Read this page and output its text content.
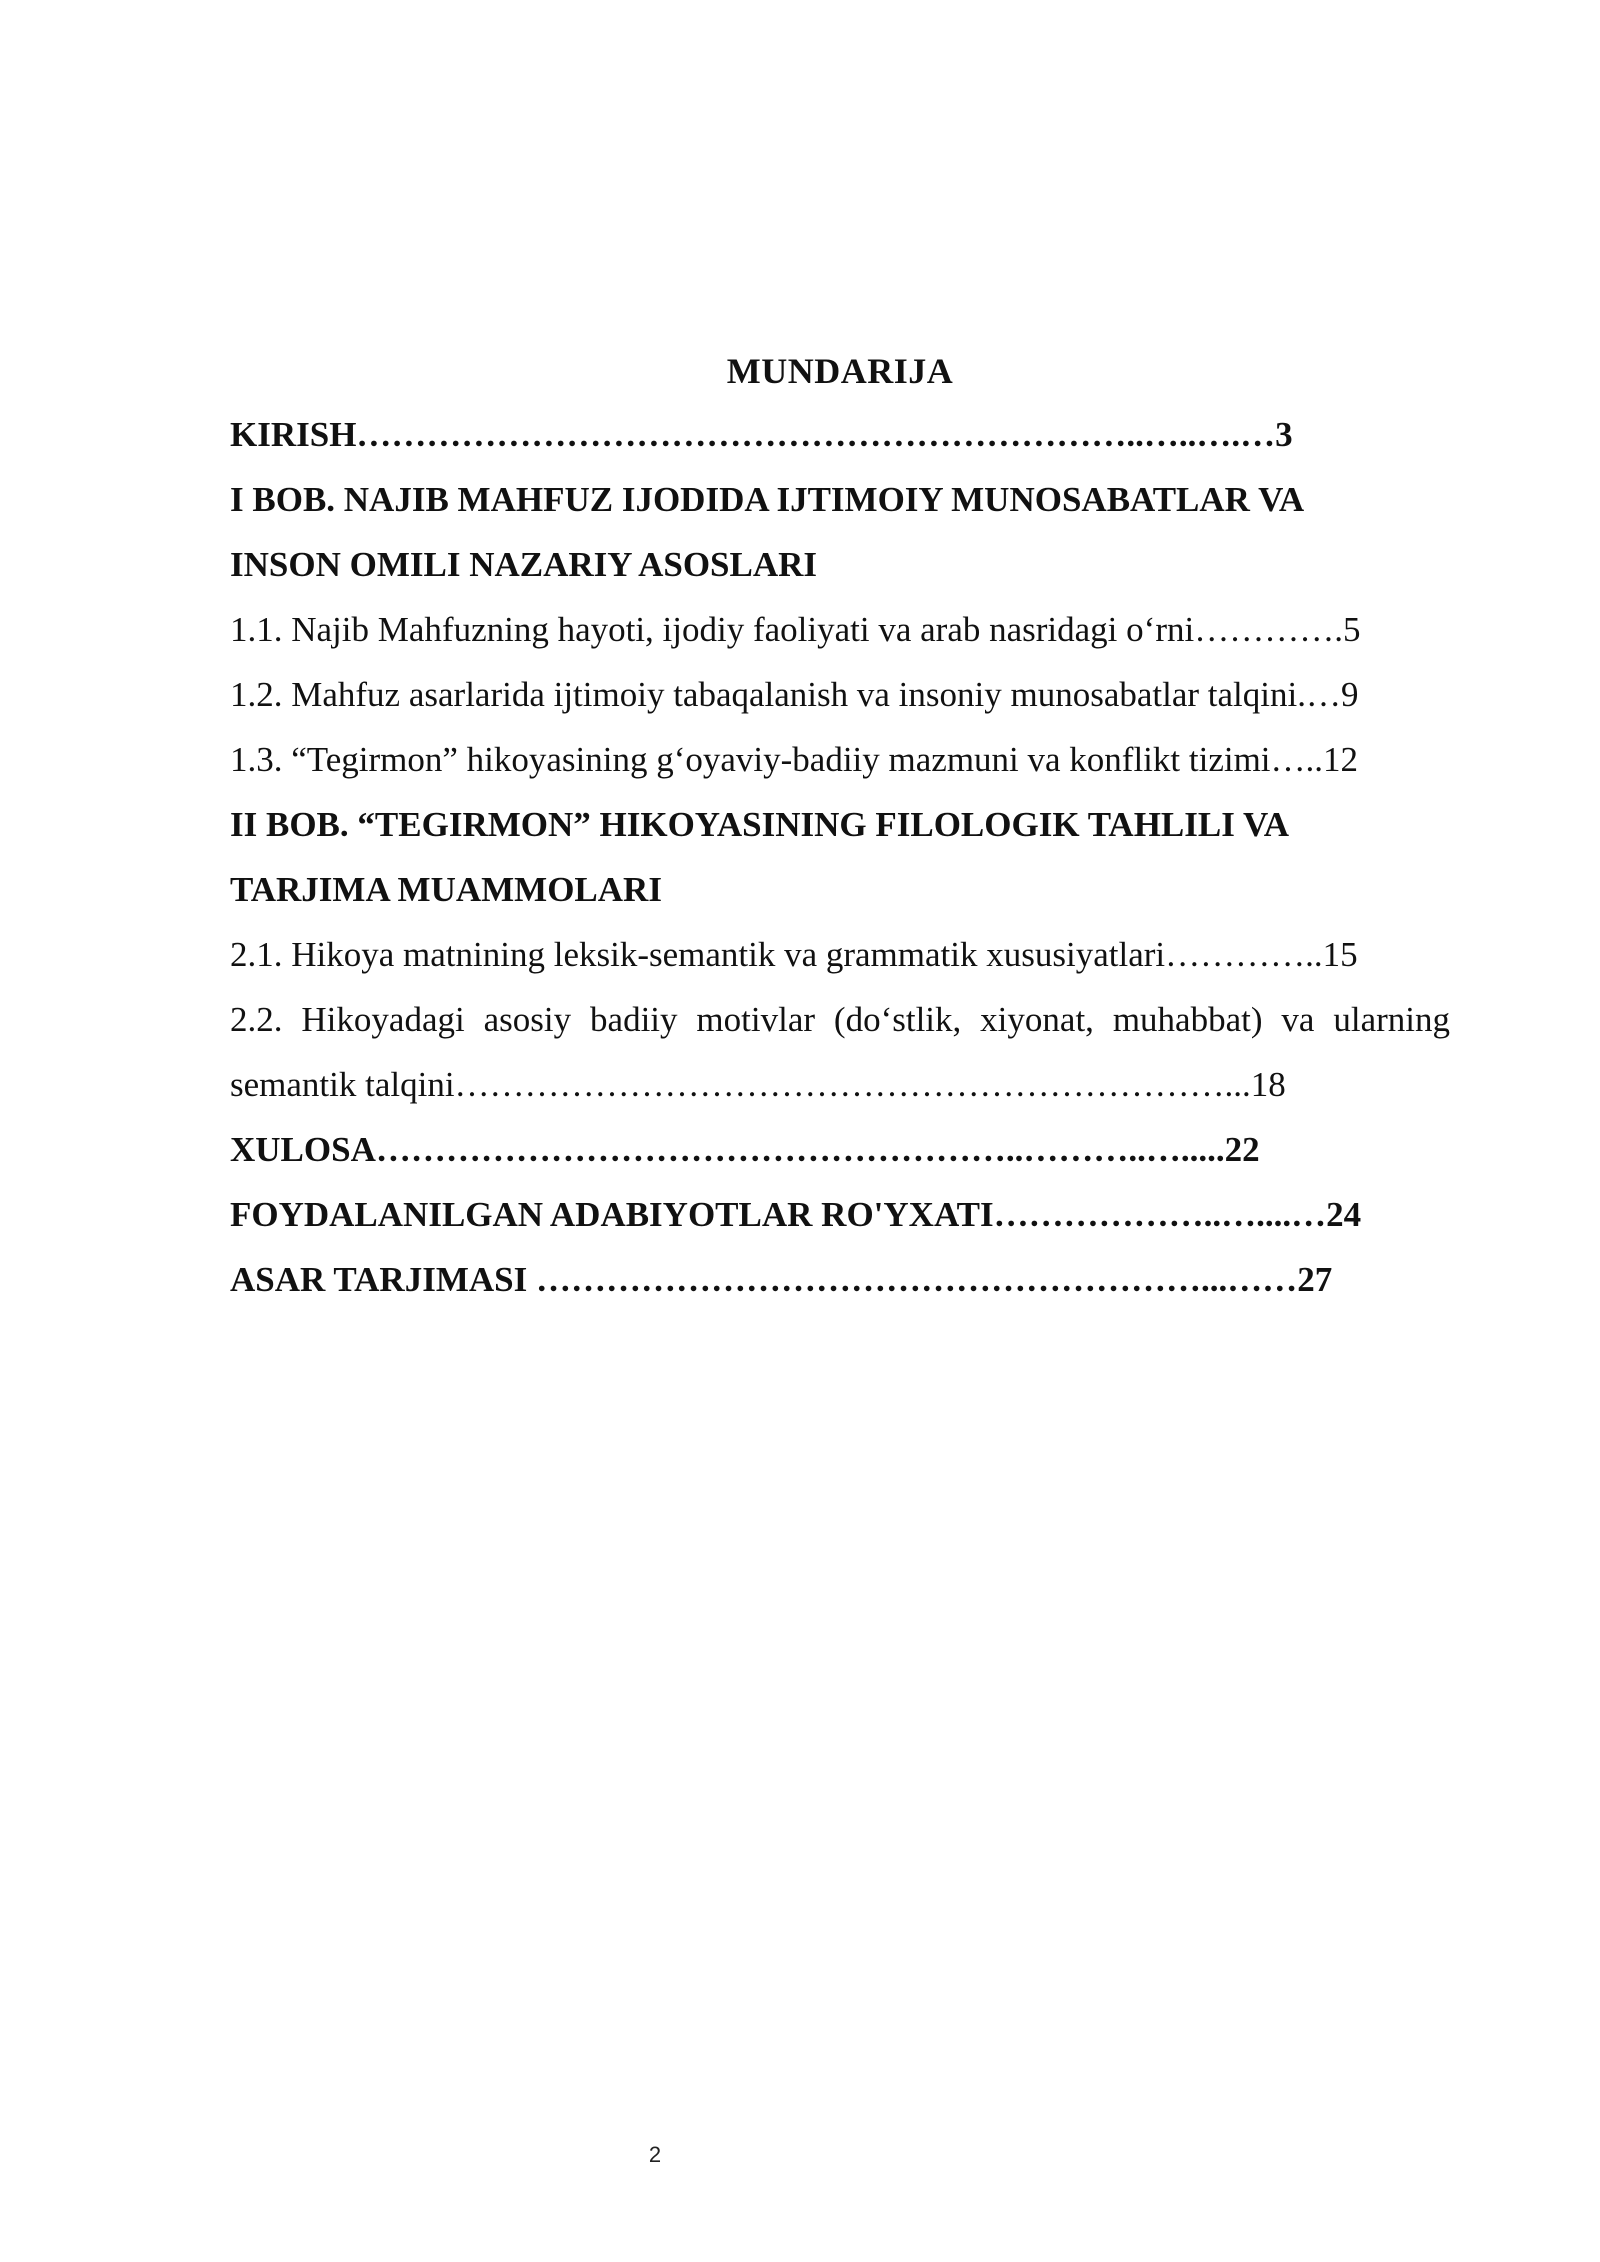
MUNDARIJA
KIRISH…………………………………………………………..…..….…3
I BOB. NAJIB MAHFUZ IJODIDA IJTIMOIY MUNOSABATLAR VA
INSON OMILI NAZARIY ASOSLARI
1.1. Najib Mahfuzning hayoti, ijodiy faoliyati va arab nasridagi oʻrni………….5
1.2. Mahfuz asarlarida ijtimoiy tabaqalanish va insoniy munosabatlar talqini.…9
1.3. “Tegirmon” hikoyasining gʻoyaviy-badiiy mazmuni va konflikt tizimi…..12
II BOB. “TEGIRMON” HIKOYASINING FILOLOGIK TAHLILI VA
TARJIMA MUAMMOLARI
2.1. Hikoya matnining leksik-semantik va grammatik xususiyatlari…………..15
2.2. Hikoyadagi asosiy badiiy motivlar (doʻstlik, xiyonat, muhabbat) va ularning
semantik talqini…………………………………………………………...18
XULOSA………………………………………………..………..….....22
FOYDALANILGAN ADABIYOTLAR RO'YXATI………………..…....…24
ASAR TARJIMASI …………………………………………………...……27
2
